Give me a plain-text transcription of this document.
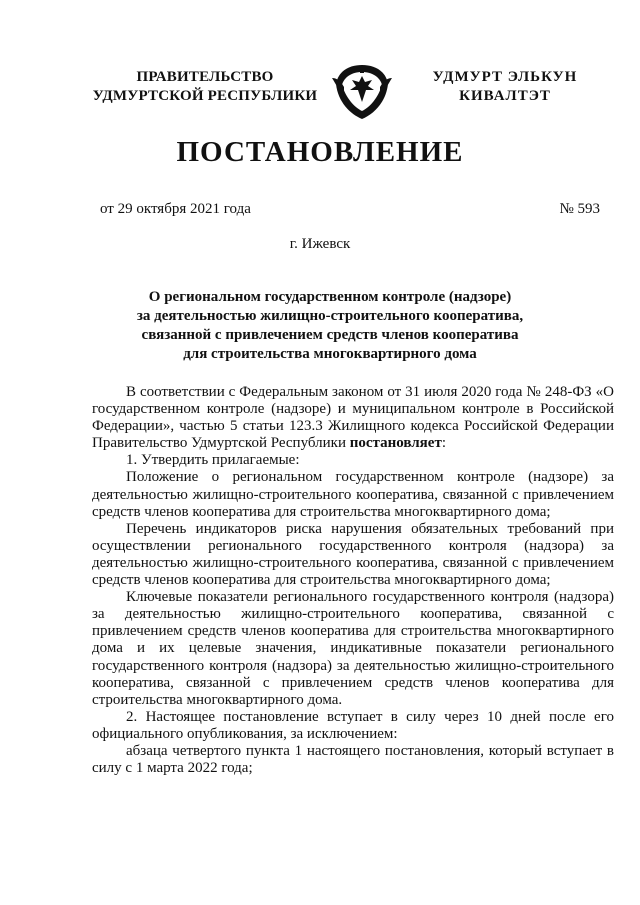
ПРАВИТЕЛЬСТВО
УДМУРТСКОЙ РЕСПУБЛИКИ
УДМУРТ ЭЛЬКУН
КИВАЛТЭТ
ПОСТАНОВЛЕНИЕ
от 29 октября 2021 года	№ 593
г. Ижевск
О региональном государственном контроле (надзоре)
за деятельностью жилищно-строительного кооператива,
связанной с привлечением средств членов кооператива
для строительства многоквартирного дома

В соответствии с Федеральным законом от 31 июля 2020 года № 248-ФЗ «О государственном контроле (надзоре) и муниципальном контроле в Российской Федерации», частью 5 статьи 123.3 Жилищного кодекса Российской Федерации Правительство Удмуртской Республики постановляет:

1. Утвердить прилагаемые:

Положение о региональном государственном контроле (надзоре) за деятельностью жилищно-строительного кооператива, связанной с привлечением средств членов кооператива для строительства многоквартирного дома;

Перечень индикаторов риска нарушения обязательных требований при осуществлении регионального государственного контроля (надзора) за деятельностью жилищно-строительного кооператива, связанной с привлечением средств членов кооператива для строительства многоквартирного дома;

Ключевые показатели регионального государственного контроля (надзора) за деятельностью жилищно-строительного кооператива, связанной с привлечением средств членов кооператива для строительства многоквартирного дома и их целевые значения, индикативные показатели регионального государственного контроля (надзора) за деятельностью жилищно-строительного кооператива, связанной с привлечением средств членов кооператива для строительства многоквартирного дома.

2. Настоящее постановление вступает в силу через 10 дней после его официального опубликования, за исключением:

абзаца четвертого пункта 1 настоящего постановления, который вступает в силу с 1 марта 2022 года;
